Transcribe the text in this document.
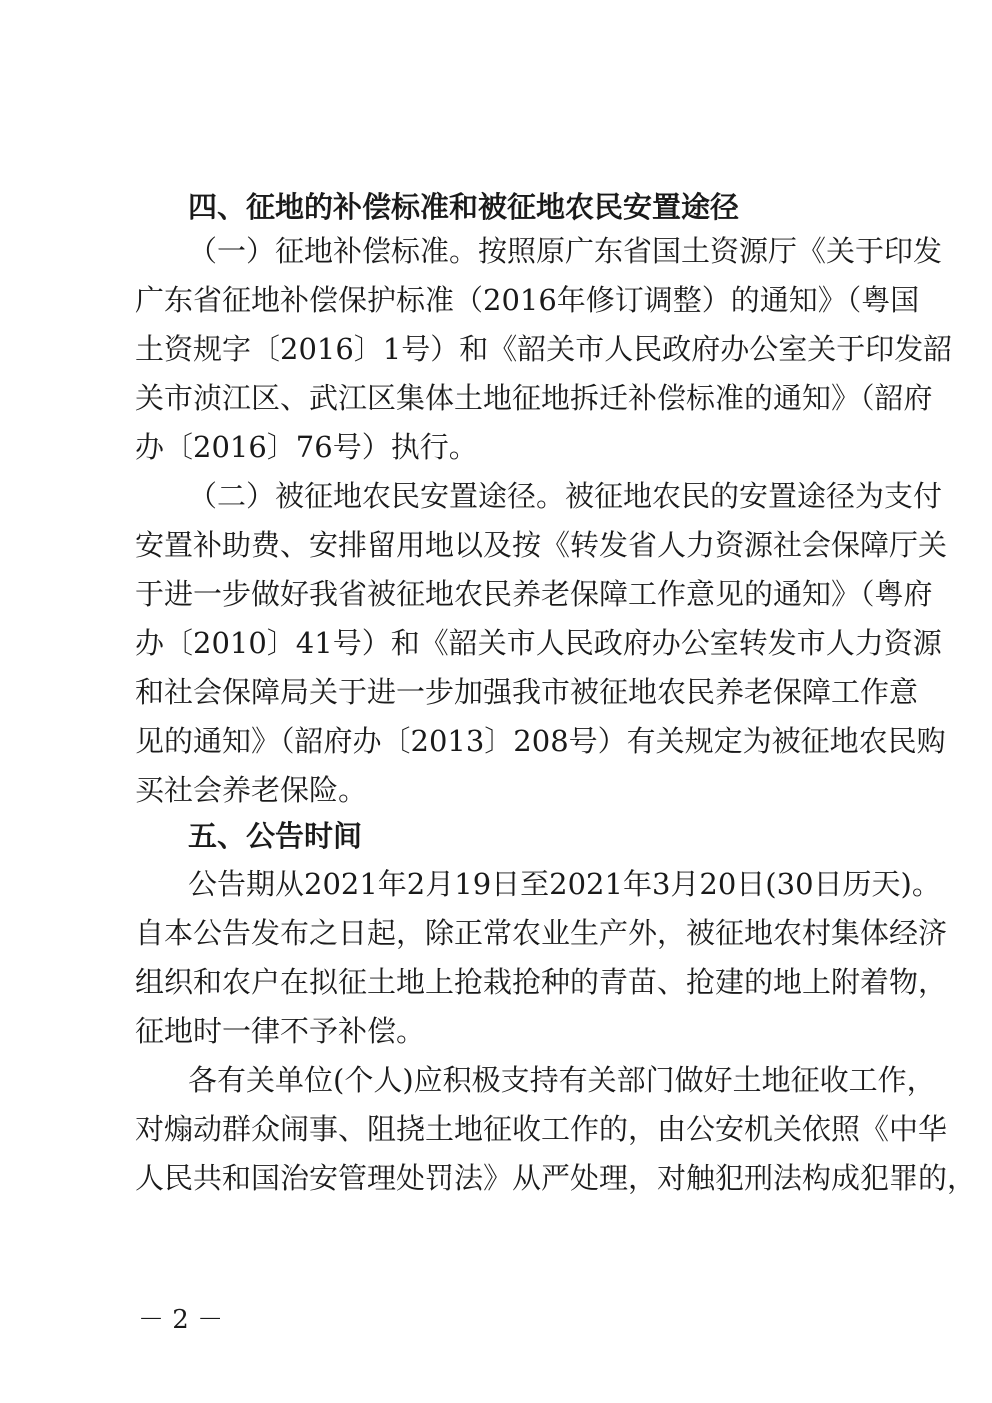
四、征地的补偿标准和被征地农民安置途径
（一）征地补偿标准。按照原广东省国土资源厅《关于印发
广东省征地补偿保护标准（2016年修订调整）的通知》（粤国
土资规字〔2016〕1号）和《韶关市人民政府办公室关于印发韶
关市浈江区、武江区集体土地征地拆迁补偿标准的通知》（韶府
办〔2016〕76号）执行。
（二）被征地农民安置途径。被征地农民的安置途径为支付
安置补助费、安排留用地以及按《转发省人力资源社会保障厅关
于进一步做好我省被征地农民养老保障工作意见的通知》（粤府
办〔2010〕41号）和《韶关市人民政府办公室转发市人力资源
和社会保障局关于进一步加强我市被征地农民养老保障工作意
见的通知》（韶府办〔2013〕208号）有关规定为被征地农民购
买社会养老保险。
五、公告时间
公告期从2021年2月19日至2021年3月20日(30日历天)。
自本公告发布之日起，除正常农业生产外，被征地农村集体经济
组织和农户在拟征土地上抢栽抢种的青苗、抢建的地上附着物，
征地时一律不予补偿。
各有关单位(个人)应积极支持有关部门做好土地征收工作，
对煽动群众闹事、阻挠土地征收工作的，由公安机关依照《中华
人民共和国治安管理处罚法》从严处理，对触犯刑法构成犯罪的，
－ 2 －
